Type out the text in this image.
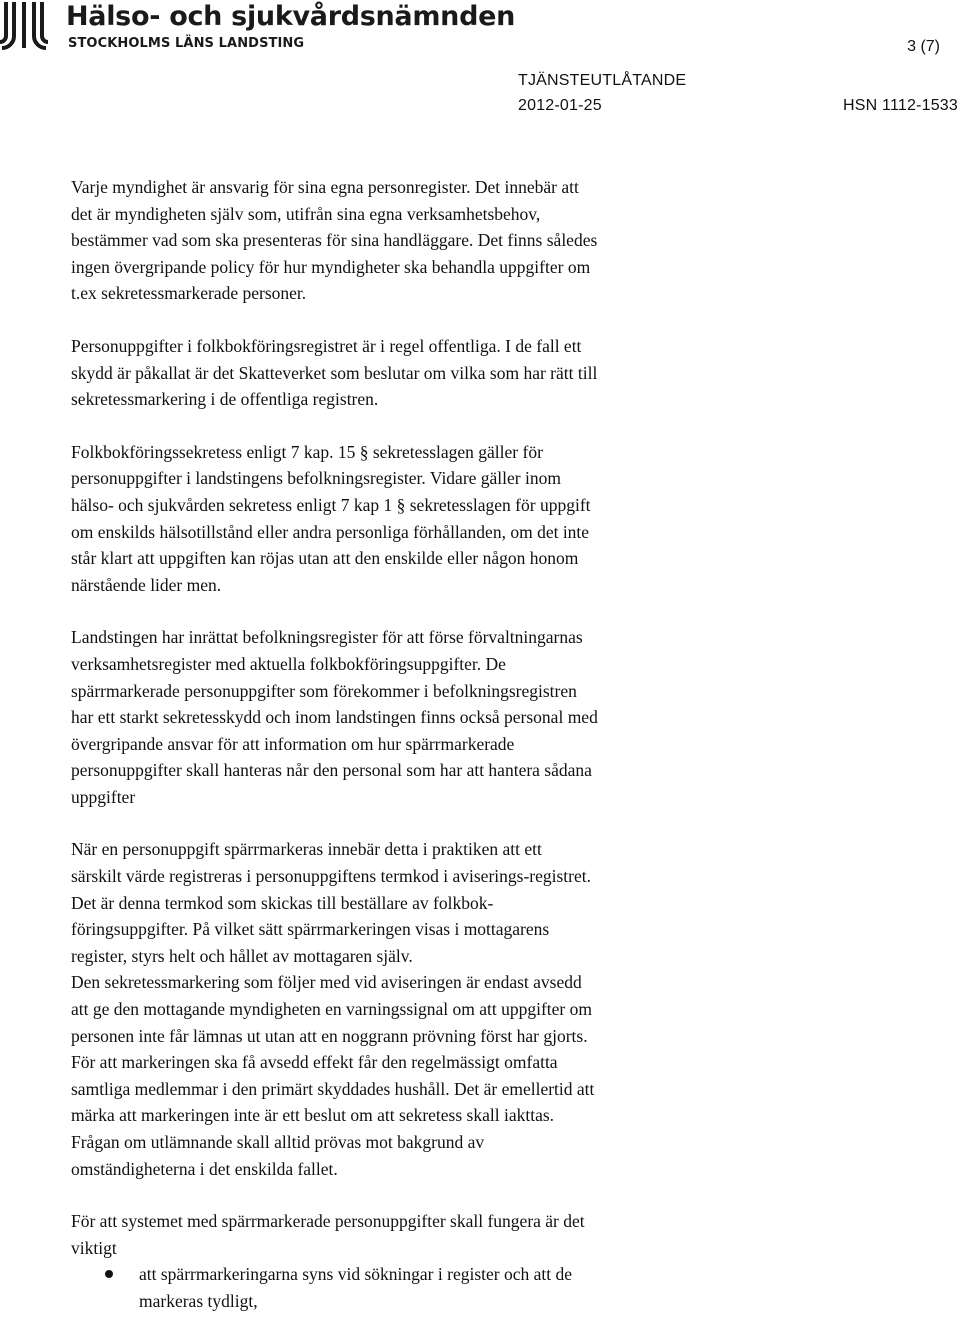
Hälso- och sjukvårdsnämnden
STOCKHOLMS LÄNS LANDSTING	3 (7)
TJÄNSTEUTLÅTANDE
2012-01-25	HSN 1112-1533

Varje myndighet är ansvarig för sina egna personregister. Det innebär att
det är myndigheten själv som, utifrån sina egna verksamhetsbehov,
bestämmer vad som ska presenteras för sina handläggare. Det finns således
ingen övergripande policy för hur myndigheter ska behandla uppgifter om
t.ex sekretessmarkerade personer.

Personuppgifter i folkbokföringsregistret är i regel offentliga. I de fall ett
skydd är påkallat är det Skatteverket som beslutar om vilka som har rätt till
sekretessmarkering i de offentliga registren.

Folkbokföringssekretess enligt 7 kap. 15 § sekretesslagen gäller för
personuppgifter i landstingens befolkningsregister. Vidare gäller inom
hälso- och sjukvården sekretess enligt 7 kap 1 § sekretesslagen för uppgift
om enskilds hälsotillstånd eller andra personliga förhållanden, om det inte
står klart att uppgiften kan röjas utan att den enskilde eller någon honom
närstående lider men.

Landstingen har inrättat befolkningsregister för att förse förvaltningarnas
verksamhetsregister med aktuella folkbokföringsuppgifter. De
spärrmarkerade personuppgifter som förekommer i befolkningsregistren
har ett starkt sekretesskydd och inom landstingen finns också personal med
övergripande ansvar för att information om hur spärrmarkerade
personuppgifter skall hanteras når den personal som har att hantera sådana
uppgifter

När en personuppgift spärrmarkeras innebär detta i praktiken att ett
särskilt värde registreras i personuppgiftens termkod i aviserings-registret.
Det är denna termkod som skickas till beställare av folkbok-
föringsuppgifter. På vilket sätt spärrmarkeringen visas i mottagarens
register, styrs helt och hållet av mottagaren själv.
Den sekretessmarkering som följer med vid aviseringen är endast avsedd
att ge den mottagande myndigheten en varningssignal om att uppgifter om
personen inte får lämnas ut utan att en noggrann prövning först har gjorts.
För att markeringen ska få avsedd effekt får den regelmässigt omfatta
samtliga medlemmar i den primärt skyddades hushåll. Det är emellertid att
märka att markeringen inte är ett beslut om att sekretess skall iakttas.
Frågan om utlämnande skall alltid prövas mot bakgrund av
omständigheterna i det enskilda fallet.

För att systemet med spärrmarkerade personuppgifter skall fungera är det
viktigt

att spärrmarkeringarna syns vid sökningar i register och att de
markeras tydligt,
